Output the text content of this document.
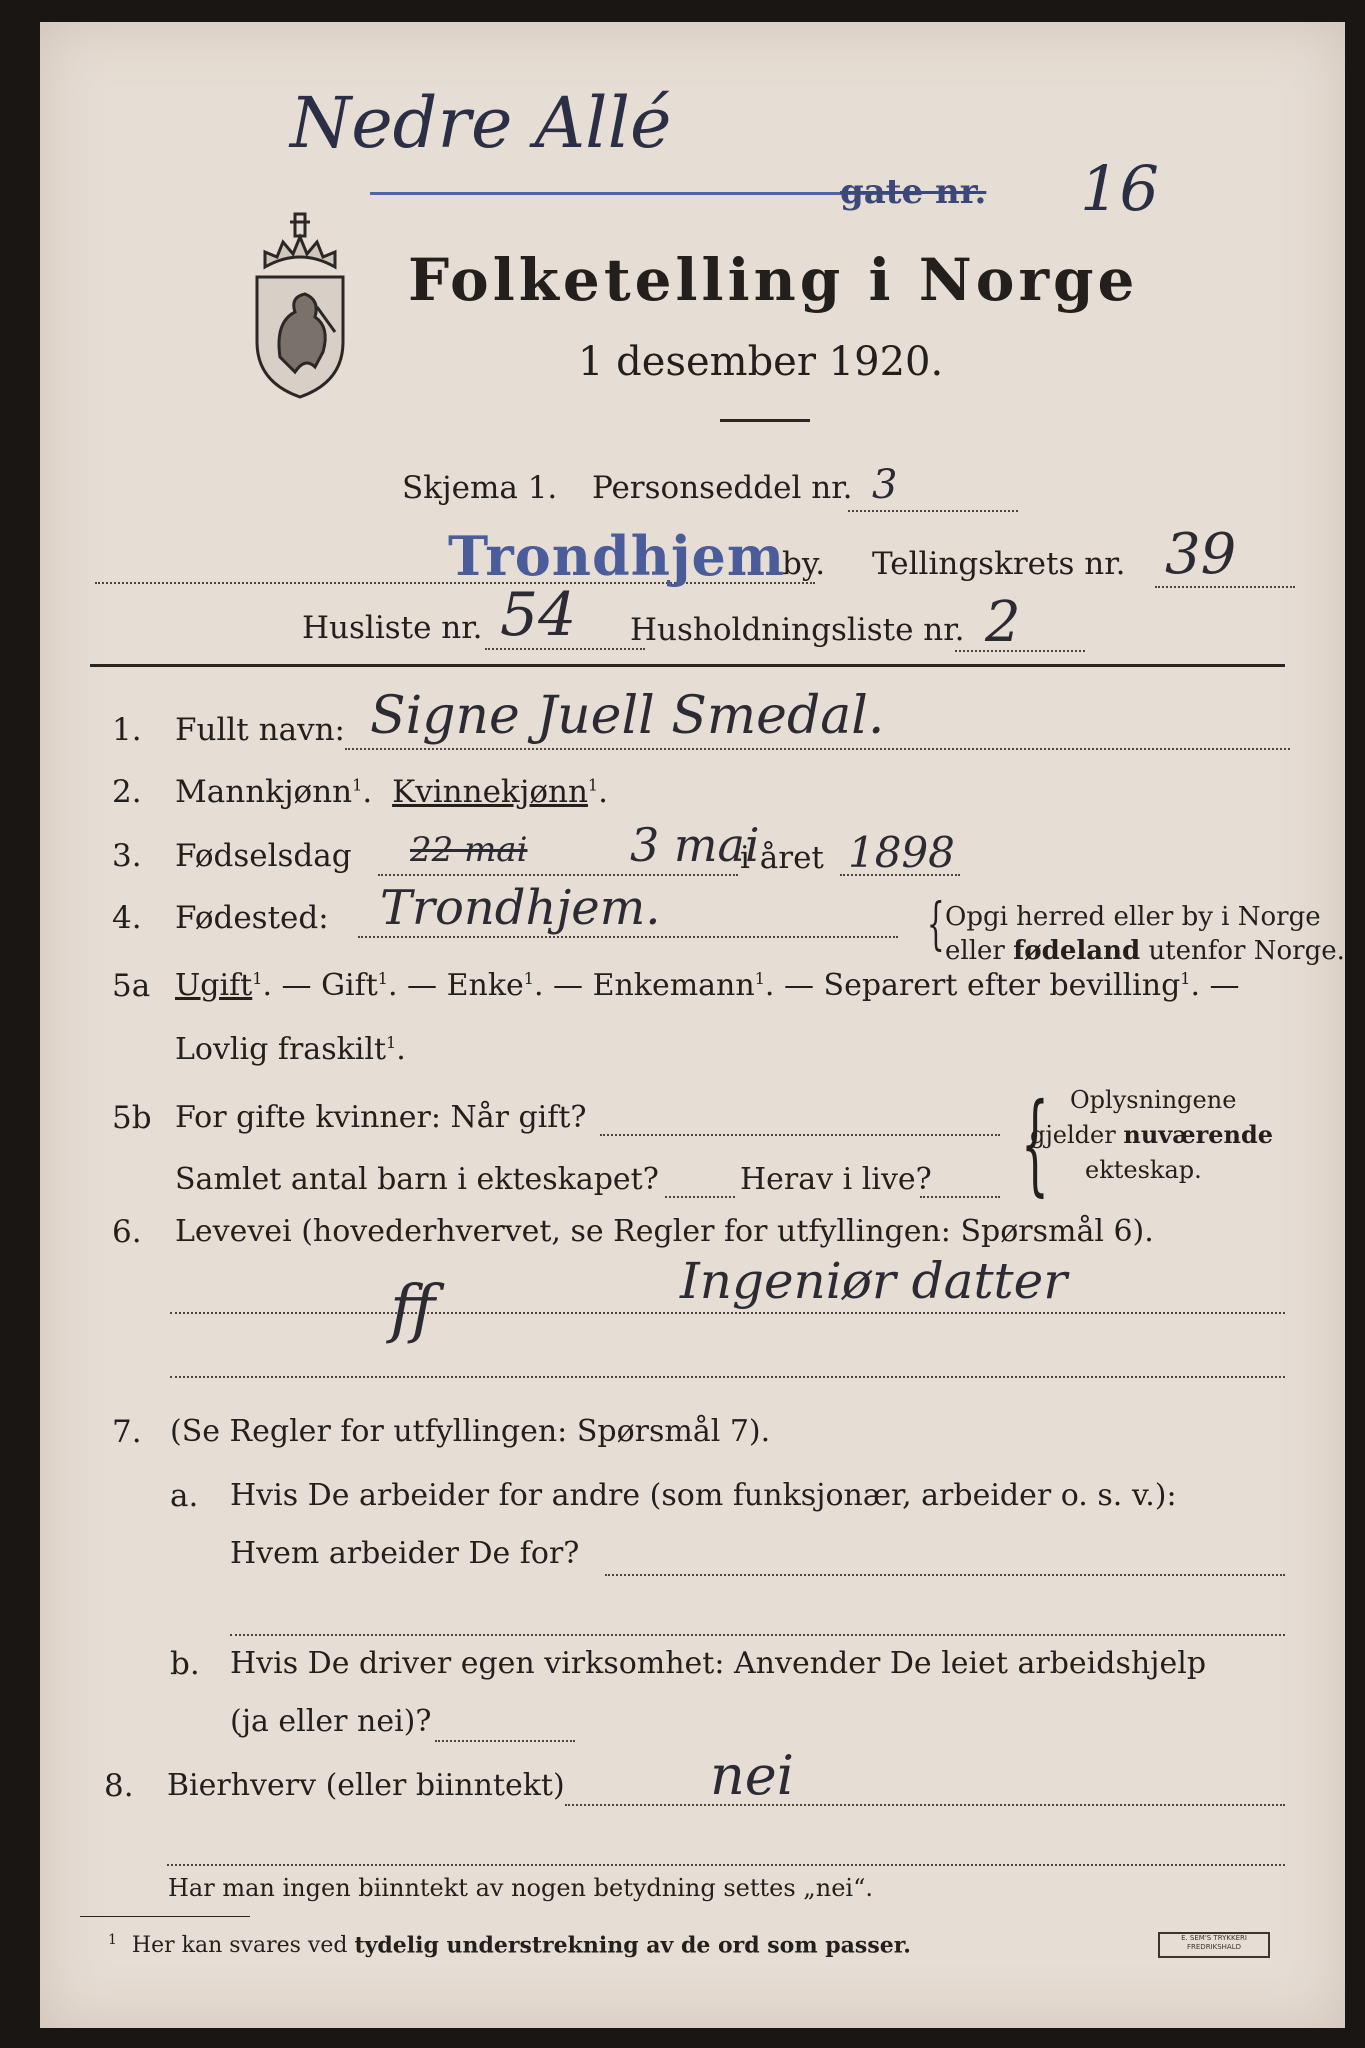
Nedre Allé
gate nr. 16
Folketelling i Norge
1 desember 1920.
Skjema 1. Personseddel nr. 3
Trondhjem
by. Tellingskrets nr. 39
Husliste nr. 54 Husholdningsliste nr. 2
1. Fullt navn: Signe Juell Smedal.
2. Mannkjønn$^1$. Kvinnekjønn$^1$.
3. Fødselsdag 22 mai 3 mai
i året 1898
4. Fødested: Trondhjem.	{ Opgi herred eller by i Norge
eller fødeland utenfor Norge.
5a Ugift$^1$. — Gift$^1$. — Enke$^1$. — Enkemann$^1$. — Separert efter bevilling$^1$. —
Lovlig fraskilt$^1$.
5b For gifte kvinner: Når gift?
Samlet antal barn i ekteskapet?	Herav i live? { Oplysningene
gjelder nuværende
ekteskap.
6. Levevei (hovederhvervet, se Regler for utfyllingen: Spørsmål 6).
ff	Ingeniør datter
7. (Se Regler for utfyllingen: Spørsmål 7).
a. Hvis De arbeider for andre (som funksjonær, arbeider o. s. v.):
Hvem arbeider De for?
b. Hvis De driver egen virksomhet: Anvender De leiet arbeidshjelp
(ja eller nei)?
8. Bierhverv (eller biinntekt)	nei
Har man ingen biinntekt av nogen betydning settes „nei“.
$^1$ Her kan svares ved tydelig understrekning av de ord som passer.	E. SEM'S TRYKKERI
FREDRIKSHALD
